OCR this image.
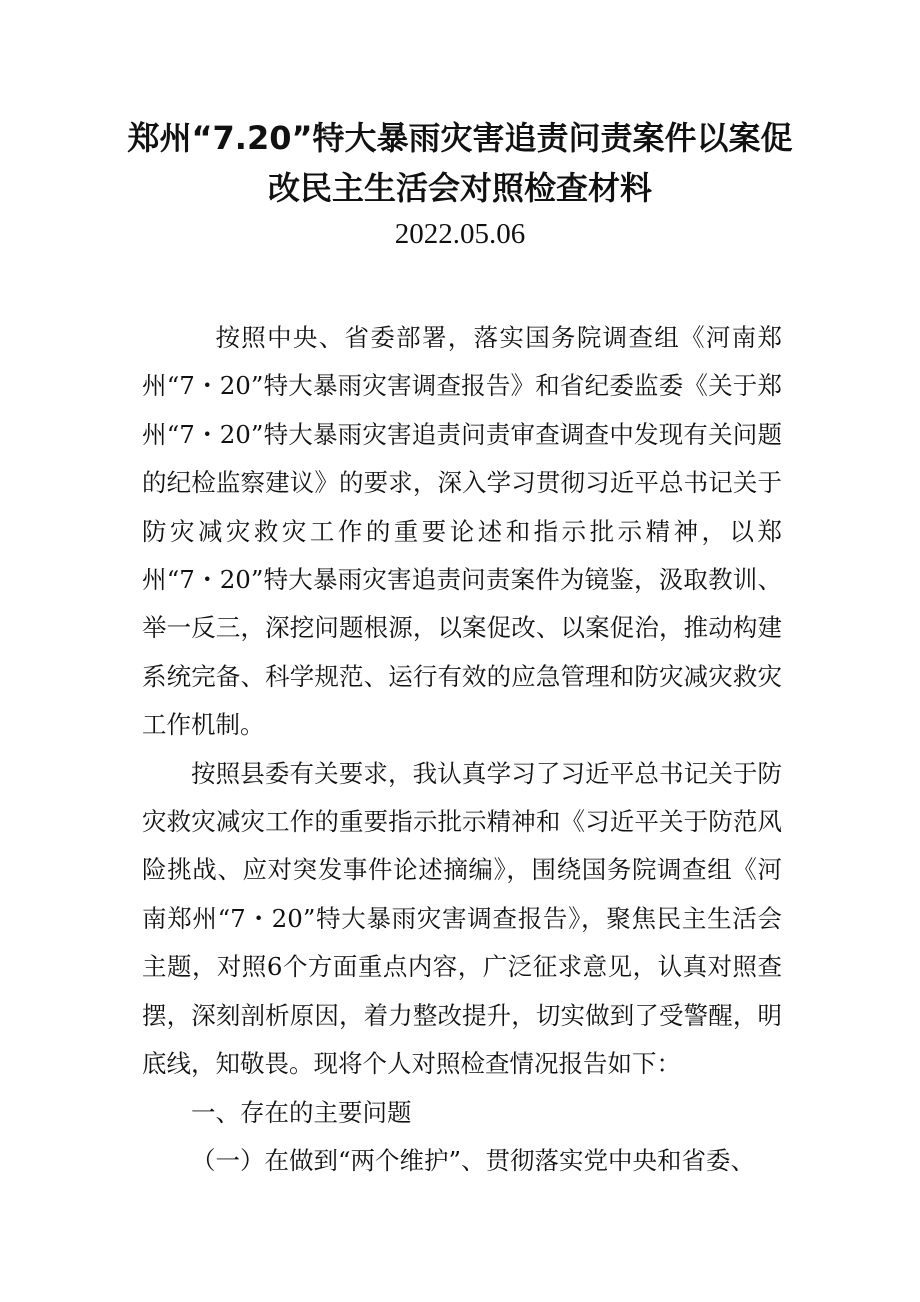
郑州“7.20”特大暴雨灾害追责问责案件以案促
改民主生活会对照检查材料
2022.05.06

按照中央、省委部署，落实国务院调查组《河南郑州“7・20”特大暴雨灾害调查报告》和省纪委监委《关于郑州“7・20”特大暴雨灾害追责问责审查调查中发现有关问题的纪检监察建议》的要求，深入学习贯彻习近平总书记关于防灾减灾救灾工作的重要论述和指示批示精神，以郑州“7・20”特大暴雨灾害追责问责案件为镜鉴，汲取教训、举一反三，深挖问题根源，以案促改、以案促治，推动构建系统完备、科学规范、运行有效的应急管理和防灾减灾救灾工作机制。

按照县委有关要求，我认真学习了习近平总书记关于防灾救灾减灾工作的重要指示批示精神和《习近平关于防范风险挑战、应对突发事件论述摘编》，围绕国务院调查组《河南郑州“7・20”特大暴雨灾害调查报告》，聚焦民主生活会主题，对照6个方面重点内容，广泛征求意见，认真对照查摆，深刻剖析原因，着力整改提升，切实做到了受警醒，明底线，知敬畏。现将个人对照检查情况报告如下：

一、存在的主要问题

（一）在做到“两个维护”、贯彻落实党中央和省委、
